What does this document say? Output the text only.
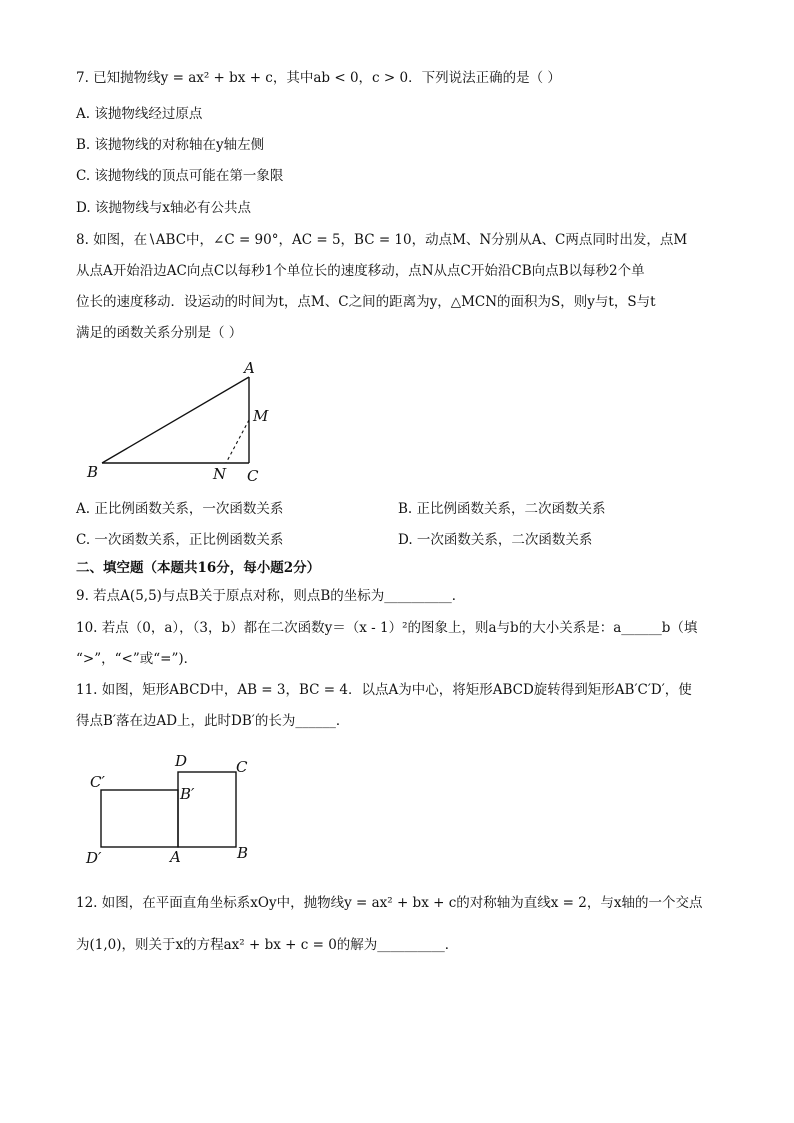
7. 已知抛物线y = ax² + bx + c，其中ab < 0，c > 0．下列说法正确的是（ ）
A. 该抛物线经过原点
B. 该抛物线的对称轴在y轴左侧
C. 该抛物线的顶点可能在第一象限
D. 该抛物线与x轴必有公共点
8. 如图，在∖ABC中，∠C = 90°，AC = 5，BC = 10，动点M、N分别从A、C两点同时出发，点M
从点A开始沿边AC向点C以每秒1个单位长的速度移动，点N从点C开始沿CB向点B以每秒2个单
位长的速度移动．设运动的时间为t，点M、C之间的距离为y，△MCN的面积为S，则y与t，S与t
满足的函数关系分别是（ ）
A
M
B	N C
A. 正比例函数关系，一次函数关系	B. 正比例函数关系，二次函数关系
C. 一次函数关系，正比例函数关系	D. 一次函数关系，二次函数关系
二、填空题（本题共16分，每小题2分）
9. 若点A(5,5)与点B关于原点对称，则点B的坐标为__________．
10. 若点（0，a），（3，b）都在二次函数y＝（x - 1）²的图象上，则a与b的大小关系是：a______b（填
“>”，“<”或“=”)．
11. 如图，矩形ABCD中，AB = 3，BC = 4．以点A为中心，将矩形ABCD旋转得到矩形AB′C′D′，使
得点B′落在边AD上，此时DB′的长为______．
C′
D	C
B′
D′	A	B
12. 如图，在平面直角坐标系xOy中，抛物线y = ax² + bx + c的对称轴为直线x = 2，与x轴的一个交点
为(1,0)，则关于x的方程ax² + bx + c = 0的解为__________．
